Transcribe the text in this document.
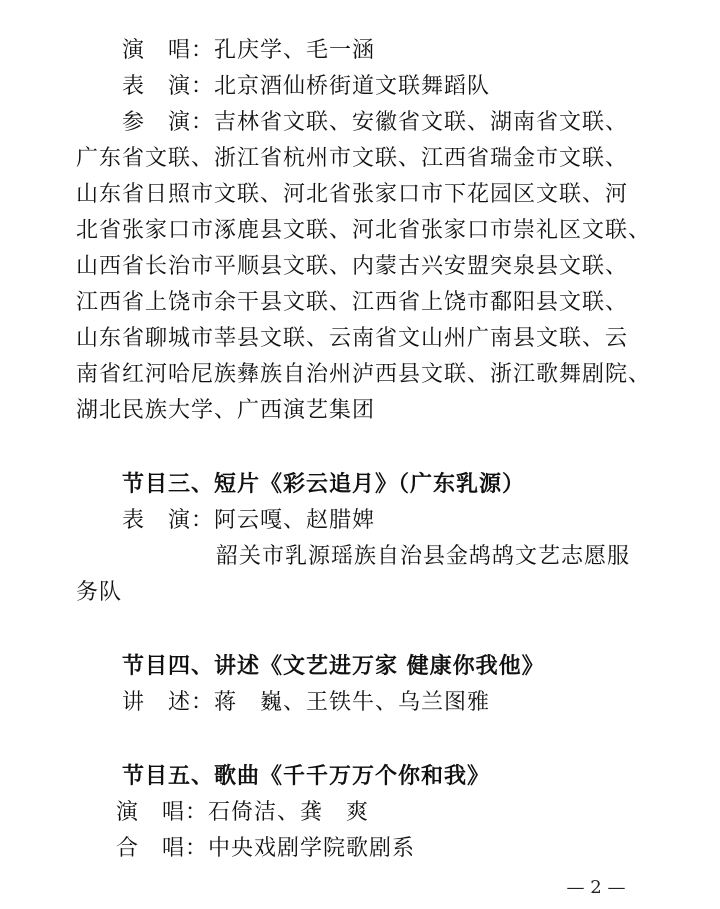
演　唱：孔庆学、毛一涵
表　演：北京酒仙桥街道文联舞蹈队
参　演：吉林省文联、安徽省文联、湖南省文联、
广东省文联、浙江省杭州市文联、江西省瑞金市文联、
山东省日照市文联、河北省张家口市下花园区文联、河
北省张家口市涿鹿县文联、河北省张家口市崇礼区文联、
山西省长治市平顺县文联、内蒙古兴安盟突泉县文联、
江西省上饶市余干县文联、江西省上饶市鄱阳县文联、
山东省聊城市莘县文联、云南省文山州广南县文联、云
南省红河哈尼族彝族自治州泸西县文联、浙江歌舞剧院、
湖北民族大学、广西演艺集团
节目三、短片《彩云追月》（广东乳源）
表　演：阿云嘎、赵腊婢
韶关市乳源瑶族自治县金鸪鸪文艺志愿服
务队
节目四、讲述《文艺进万家 健康你我他》
讲　述：蒋　巍、王铁牛、乌兰图雅
节目五、歌曲《千千万万个你和我》
演　唱：石倚洁、龚　爽
合　唱：中央戏剧学院歌剧系
— 2 —
